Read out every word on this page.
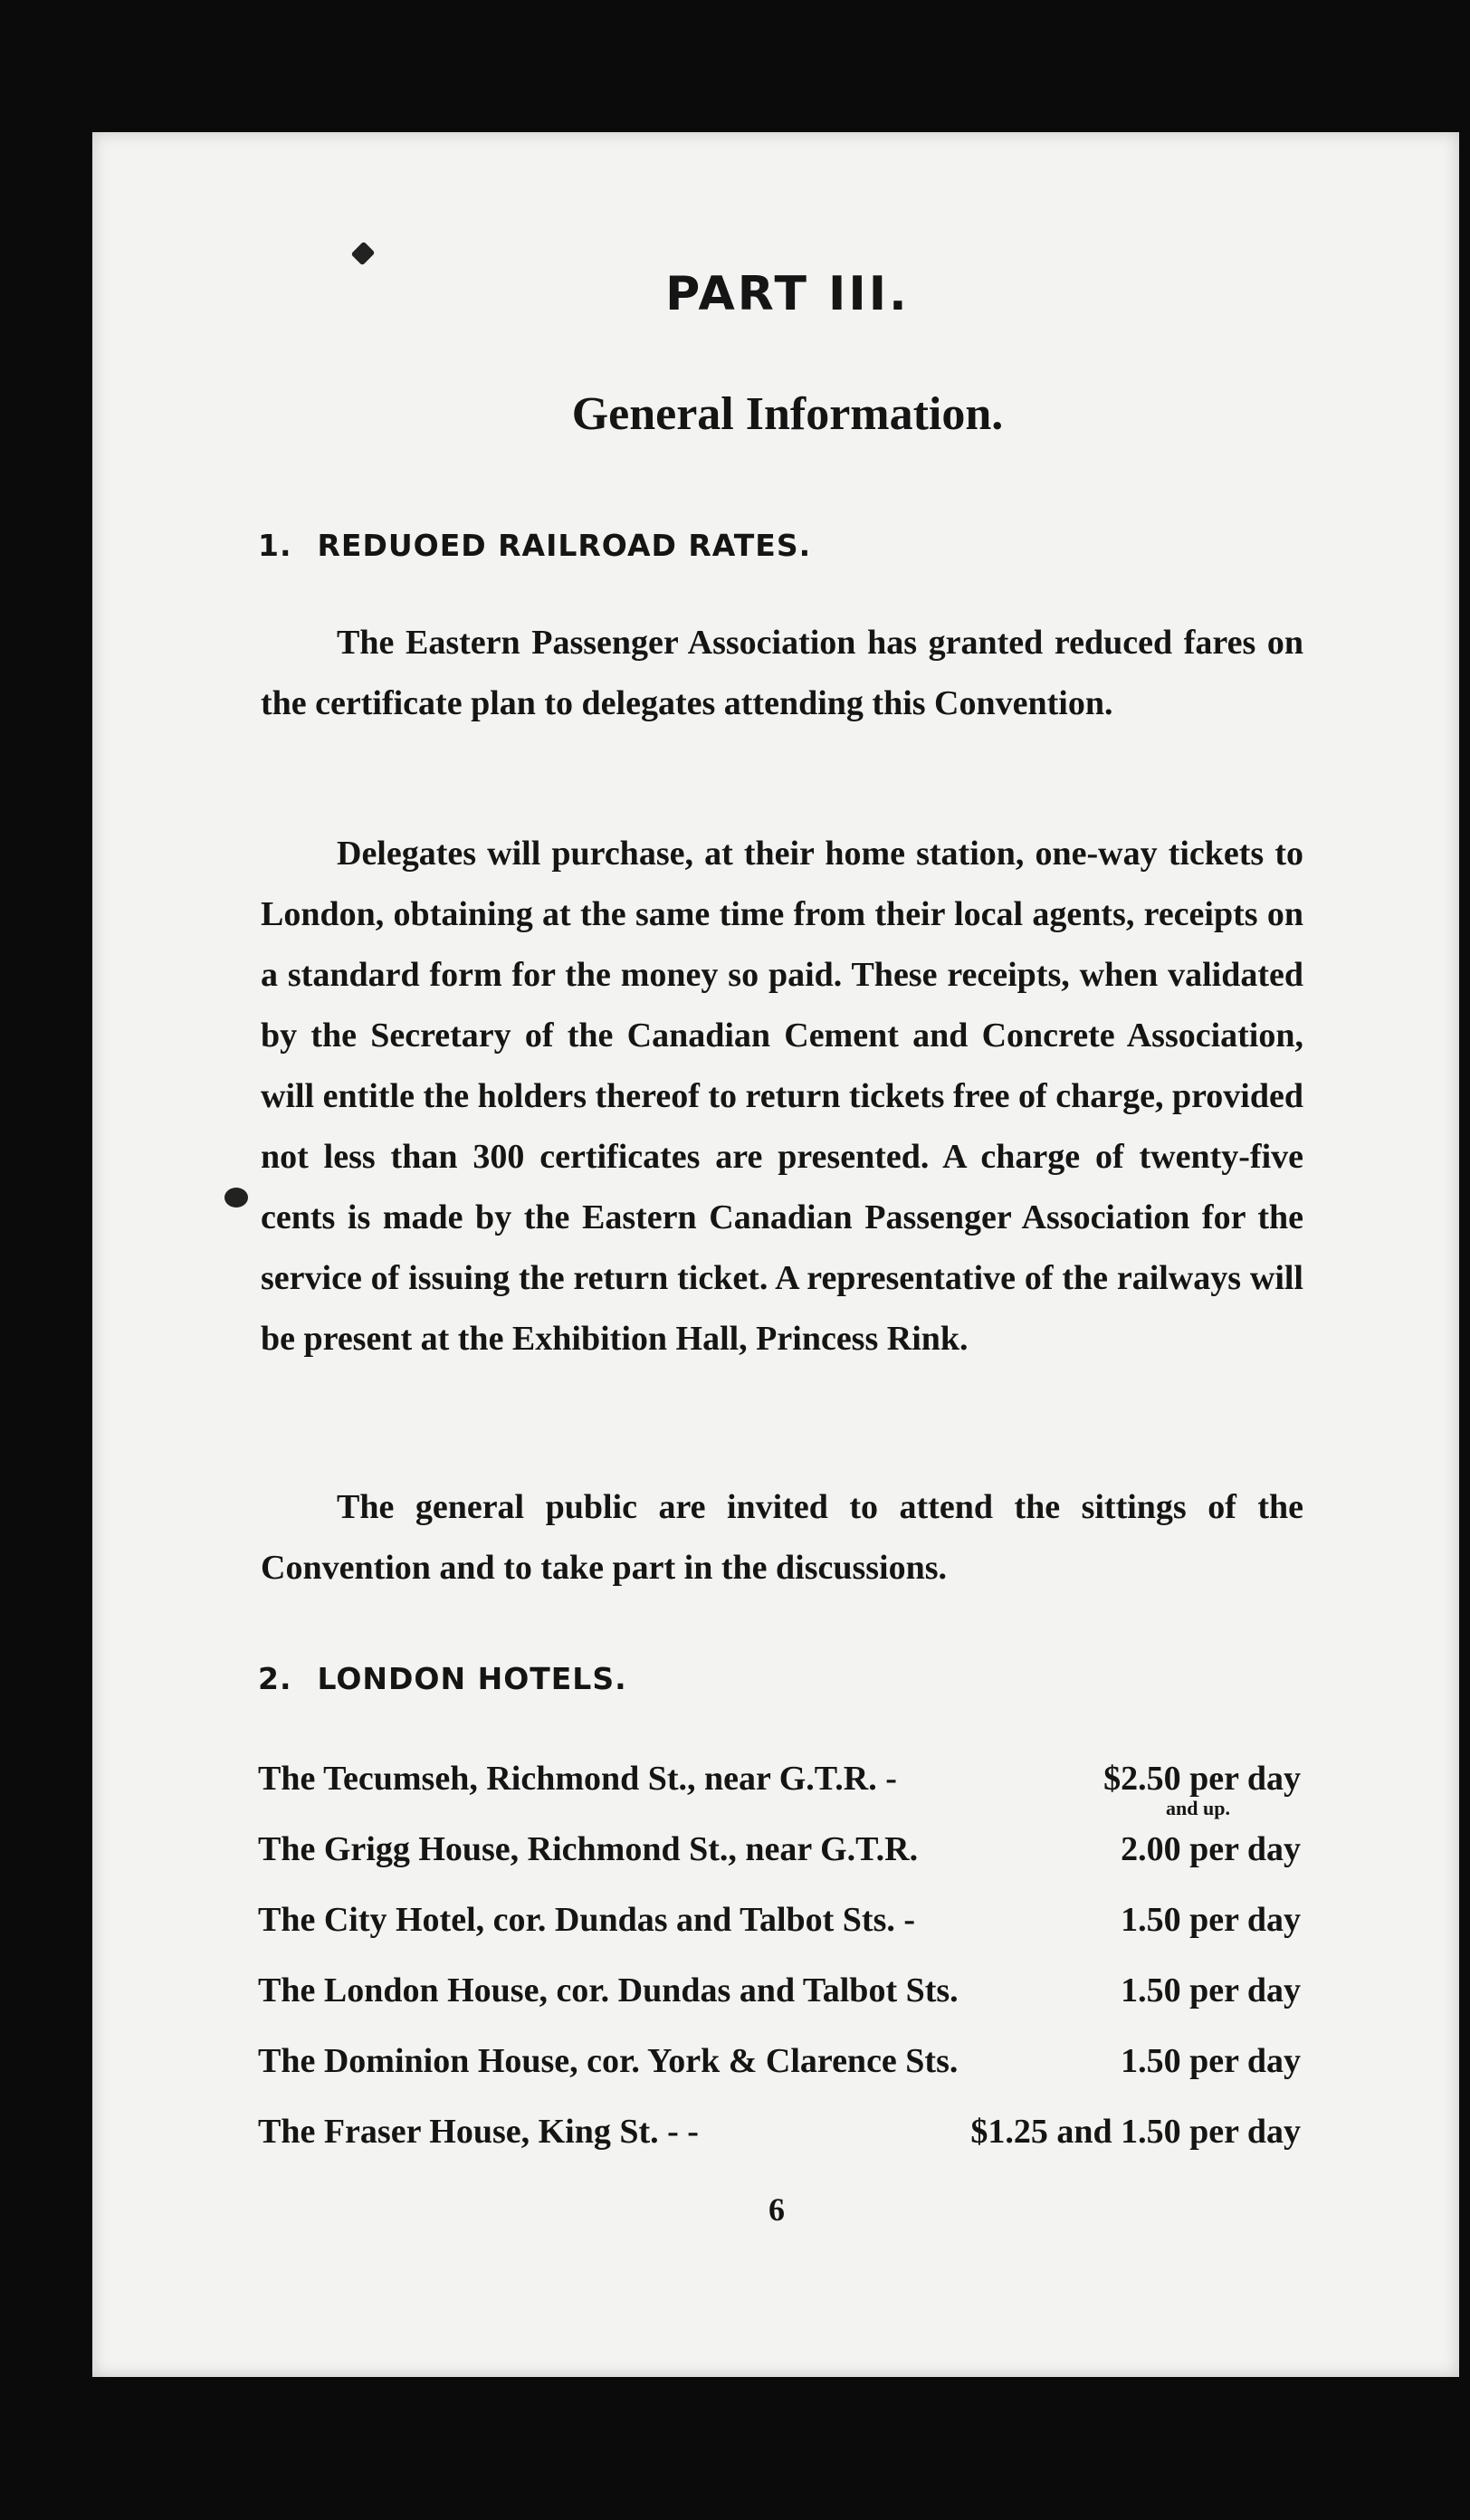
PART III.
General Information.
1. REDUOED RAILROAD RATES.

The Eastern Passenger Association has granted reduced fares on the certificate plan to delegates attending this Convention.

Delegates will purchase, at their home station, one-way tickets to London, obtaining at the same time from their local agents, receipts on a standard form for the money so paid. These receipts, when validated by the Secretary of the Canadian Cement and Concrete Association, will entitle the holders thereof to return tickets free of charge, provided not less than 300 certificates are presented. A charge of twenty-five cents is made by the Eastern Canadian Passenger Association for the service of issuing the return ticket. A representative of the railways will be present at the Exhibition Hall, Princess Rink.

The general public are invited to attend the sittings of the Convention and to take part in the discussions.

2. LONDON HOTELS.
The Tecumseh, Richmond St., near G.T.R. -	$2.50 per day
and up.
The Grigg House, Richmond St., near G.T.R.	2.00 per day
The City Hotel, cor. Dundas and Talbot Sts. -	1.50 per day
The London House, cor. Dundas and Talbot Sts.	1.50 per day
The Dominion House, cor. York & Clarence Sts.	1.50 per day
The Fraser House, King St. - -	$1.25 and 1.50 per day

6
